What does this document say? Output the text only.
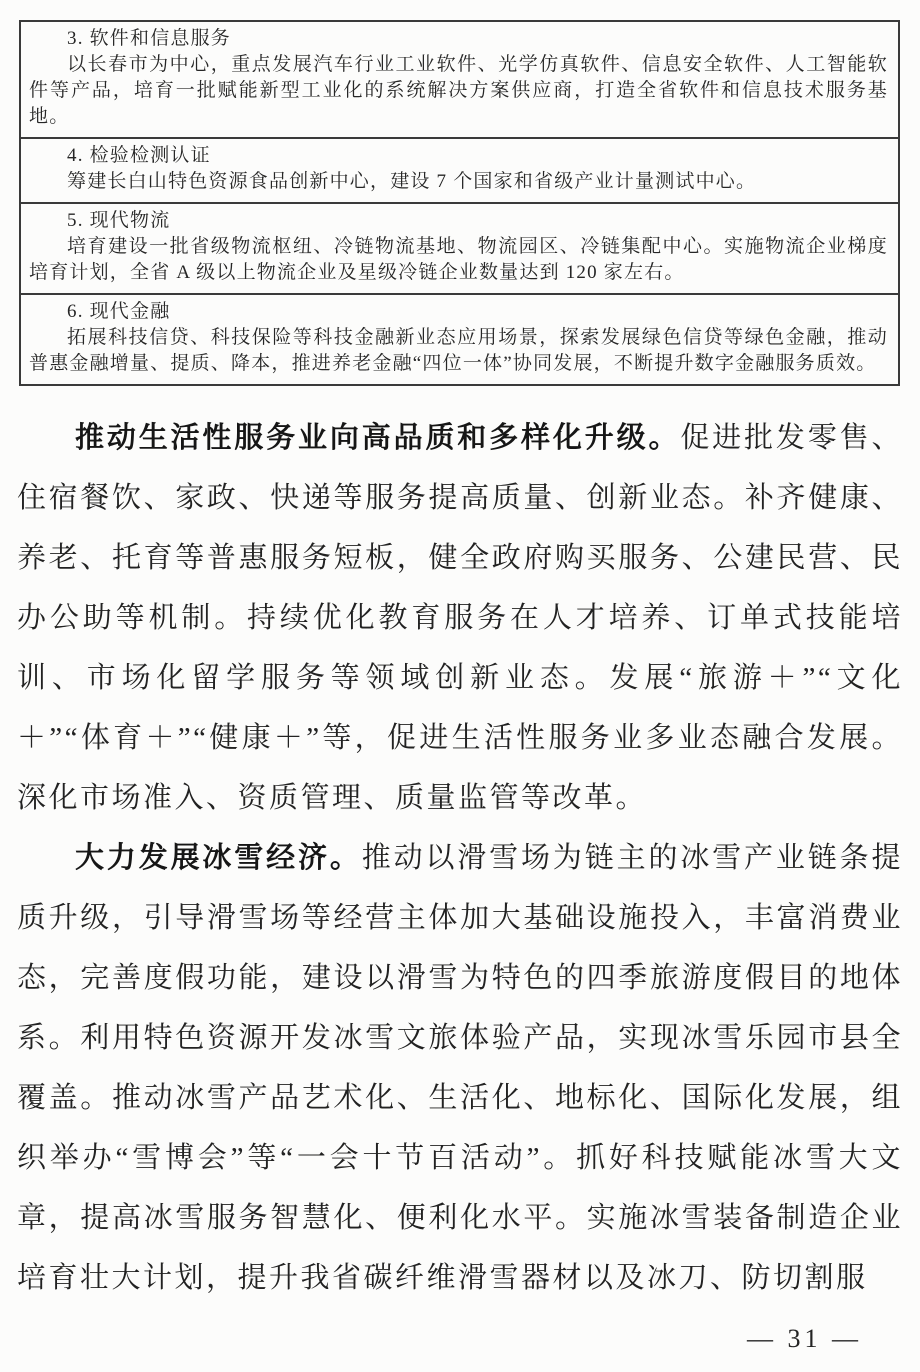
3. 软件和信息服务
以长春市为中心，重点发展汽车行业工业软件、光学仿真软件、信息安全软件、人工智能软件等产品，培育一批赋能新型工业化的系统解决方案供应商，打造全省软件和信息技术服务基地。
4. 检验检测认证
筹建长白山特色资源食品创新中心，建设 7 个国家和省级产业计量测试中心。
5. 现代物流
培育建设一批省级物流枢纽、冷链物流基地、物流园区、冷链集配中心。实施物流企业梯度培育计划，全省 A 级以上物流企业及星级冷链企业数量达到 120 家左右。
6. 现代金融
拓展科技信贷、科技保险等科技金融新业态应用场景，探索发展绿色信贷等绿色金融，推动普惠金融增量、提质、降本，推进养老金融“四位一体”协同发展，不断提升数字金融服务质效。

推动生活性服务业向高品质和多样化升级。促进批发零售、住宿餐饮、家政、快递等服务提高质量、创新业态。补齐健康、养老、托育等普惠服务短板，健全政府购买服务、公建民营、民办公助等机制。持续优化教育服务在人才培养、订单式技能培训、市场化留学服务等领域创新业态。发展“旅游＋”“文化＋”“体育＋”“健康＋”等，促进生活性服务业多业态融合发展。深化市场准入、资质管理、质量监管等改革。

大力发展冰雪经济。推动以滑雪场为链主的冰雪产业链条提质升级，引导滑雪场等经营主体加大基础设施投入，丰富消费业态，完善度假功能，建设以滑雪为特色的四季旅游度假目的地体系。利用特色资源开发冰雪文旅体验产品，实现冰雪乐园市县全覆盖。推动冰雪产品艺术化、生活化、地标化、国际化发展，组织举办“雪博会”等“一会十节百活动”。抓好科技赋能冰雪大文章，提高冰雪服务智慧化、便利化水平。实施冰雪装备制造企业培育壮大计划，提升我省碳纤维滑雪器材以及冰刀、防切割服

— 31 —
